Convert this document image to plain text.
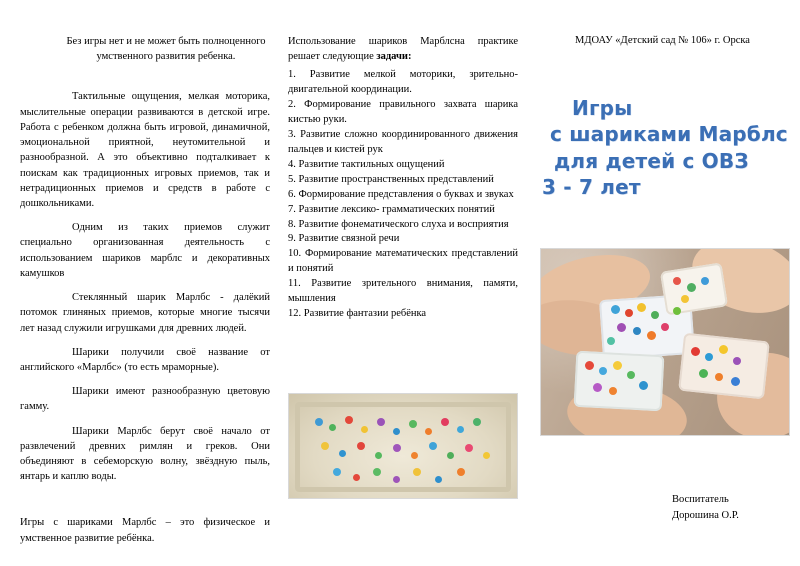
Без игры нет и не может быть полноценного умственного развития ребенка.

Тактильные ощущения, мелкая моторика, мыслительные операции развиваются в детской игре. Работа с ребенком должна быть игровой, динамичной, эмоциональной приятной, неутомительной и разнообразной. А это объективно подталкивает к поискам как традиционных игровых приемов, так и нетрадиционных приемов и средств в работе с дошкольниками.

Одним из таких приемов служит специально организованная деятельность с использованием шариков марблс и декоративных камушков

Стеклянный шарик Марлбс - далёкий потомок глиняных приемов, которые многие тысячи лет назад служили игрушками для древних людей.

Шарики получили своё название от английского «Марлбс» (то есть мраморные).

Шарики имеют разнообразную цветовую гамму.

Шарики Марлбс берут своё начало от развлечений древних римлян и греков. Они объединяют в себеморскую волну, звёздную пыль, янтарь и каплю воды.

Игры с шариками Марлбс – это физическое и умственное развитие ребёнка.

Использование шариков Марблсна практике решает следующие задачи:

1. Развитие мелкой моторики, зрительно-двигательной координации.

2. Формирование правильного захвата шарика кистью руки.

3. Развитие сложно координированного движения пальцев и кистей рук

4. Развитие тактильных ощущений

5. Развитие пространственных представлений

6. Формирование представления о буквах и звуках

7. Развитие лексико- грамматических понятий

8. Развитие фонематического слуха и восприятия

9. Развитие связной речи

10. Формирование математических представлений и понятий

11. Развитие зрительного внимания, памяти, мышления

12. Развитие фантазии ребёнка

МДОАУ «Детский сад № 106» г. Орска

Игры
с шариками Марблс
для детей с ОВЗ
3 - 7 лет
Воспитатель
Дорошина О.Р.
